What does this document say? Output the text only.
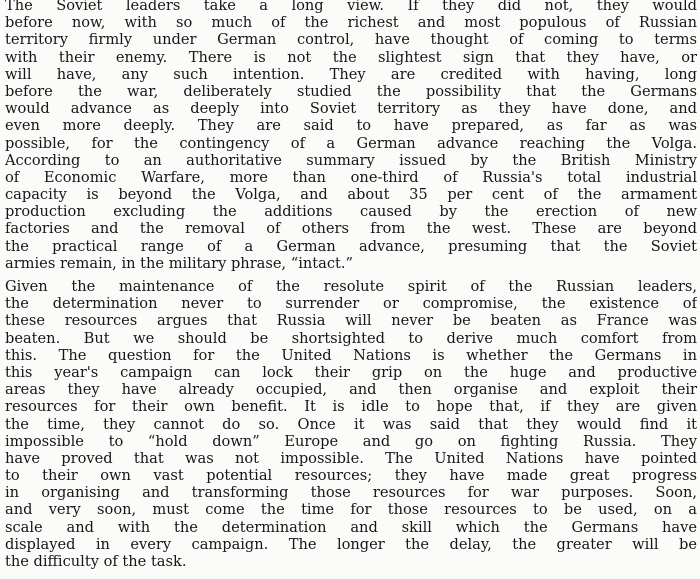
The Soviet leaders take a long view. If they did not, they would
before now, with so much of the richest and most populous of Russian
territory firmly under German control, have thought of coming to terms
with their enemy. There is not the slightest sign that they have, or
will have, any such intention. They are credited with having, long
before the war, deliberately studied the possibility that the Germans
would advance as deeply into Soviet territory as they have done, and
even more deeply. They are said to have prepared, as far as was
possible, for the contingency of a German advance reaching the Volga.
According to an authoritative summary issued by the British Ministry
of Economic Warfare, more than one-third of Russia's total industrial
capacity is beyond the Volga, and about 35 per cent of the armament
production excluding the additions caused by the erection of new
factories and the removal of others from the west. These are beyond
the practical range of a German advance, presuming that the Soviet
armies remain, in the military phrase, “intact.”
Given the maintenance of the resolute spirit of the Russian leaders,
the determination never to surrender or compromise, the existence of
these resources argues that Russia will never be beaten as France was
beaten. But we should be shortsighted to derive much comfort from
this. The question for the United Nations is whether the Germans in
this year's campaign can lock their grip on the huge and productive
areas they have already occupied, and then organise and exploit their
resources for their own benefit. It is idle to hope that, if they are given
the time, they cannot do so. Once it was said that they would find it
impossible to “hold down” Europe and go on fighting Russia. They
have proved that was not impossible. The United Nations have pointed
to their own vast potential resources; they have made great progress
in organising and transforming those resources for war purposes. Soon,
and very soon, must come the time for those resources to be used, on a
scale and with the determination and skill which the Germans have
displayed in every campaign. The longer the delay, the greater will be
the difficulty of the task.
